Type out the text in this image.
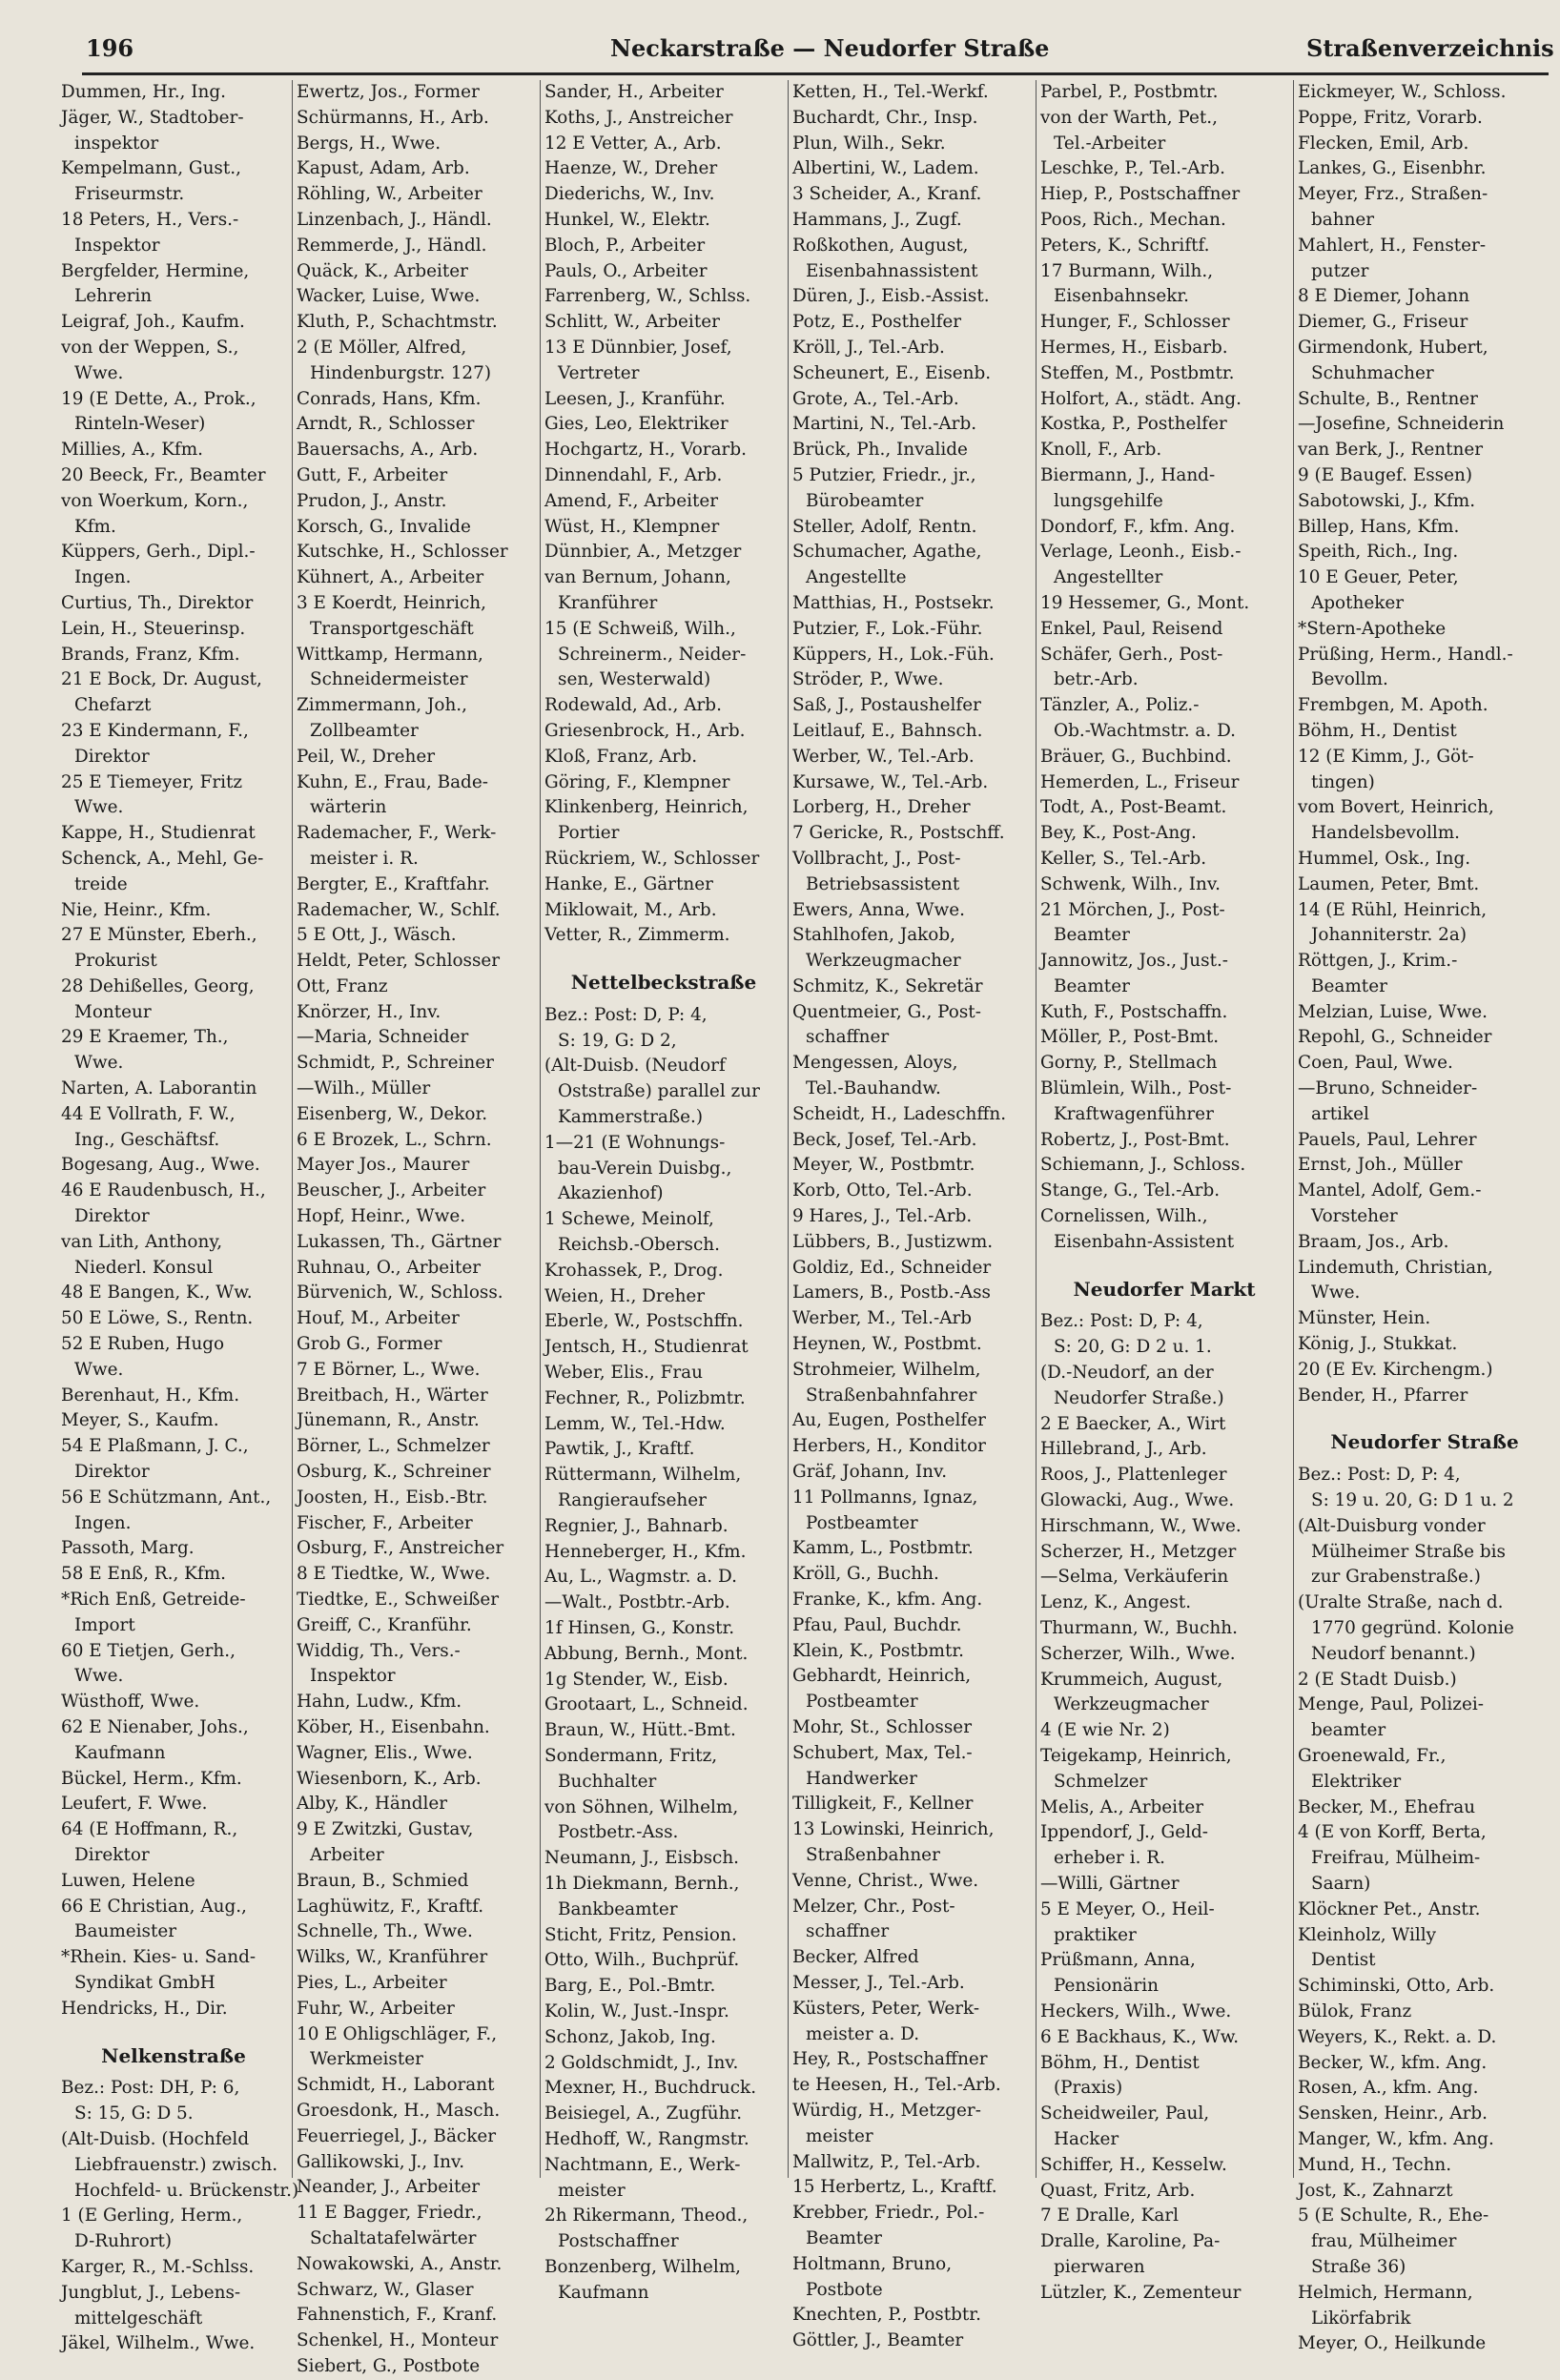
196	Neckarstraße — Neudorfer Straße	Straßenverzeichnis
Dummen, Hr., Ing.
Jäger, W., Stadtober-
inspektor
Kempelmann, Gust.,
Friseurmstr.
18 Peters, H., Vers.-
Inspektor
Bergfelder, Hermine,
Lehrerin
Leigraf, Joh., Kaufm.
von der Weppen, S.,
Wwe.
19 (E Dette, A., Prok.,
Rinteln-Weser)
Millies, A., Kfm.
20 Beeck, Fr., Beamter
von Woerkum, Korn.,
Kfm.
Küppers, Gerh., Dipl.-
Ingen.
Curtius, Th., Direktor
Lein, H., Steuerinsp.
Brands, Franz, Kfm.
21 E Bock, Dr. August,
Chefarzt
23 E Kindermann, F.,
Direktor
25 E Tiemeyer, Fritz
Wwe.
Kappe, H., Studienrat
Schenck, A., Mehl, Ge-
treide
Nie, Heinr., Kfm.
27 E Münster, Eberh.,
Prokurist
28 Dehißelles, Georg,
Monteur
29 E Kraemer, Th.,
Wwe.
Narten, A. Laborantin
44 E Vollrath, F. W.,
Ing., Geschäftsf.
Bogesang, Aug., Wwe.
46 E Raudenbusch, H.,
Direktor
van Lith, Anthony,
Niederl. Konsul
48 E Bangen, K., Ww.
50 E Löwe, S., Rentn.
52 E Ruben, Hugo
Wwe.
Berenhaut, H., Kfm.
Meyer, S., Kaufm.
54 E Plaßmann, J. C.,
Direktor
56 E Schützmann, Ant.,
Ingen.
Passoth, Marg.
58 E Enß, R., Kfm.
*Rich Enß, Getreide-
Import
60 E Tietjen, Gerh.,
Wwe.
Wüsthoff, Wwe.
62 E Nienaber, Johs.,
Kaufmann
Bückel, Herm., Kfm.
Leufert, F. Wwe.
64 (E Hoffmann, R.,
Direktor
Luwen, Helene
66 E Christian, Aug.,
Baumeister
*Rhein. Kies- u. Sand-
Syndikat GmbH
Hendricks, H., Dir.
Nelkenstraße
Bez.: Post: DH, P: 6,
S: 15, G: D 5.
(Alt-Duisb. (Hochfeld
Liebfrauenstr.) zwisch.
Hochfeld- u. Brückenstr.)
1 (E Gerling, Herm.,
D-Ruhrort)
Karger, R., M.-Schlss.
Jungblut, J., Lebens-
mittelgeschäft
Jäkel, Wilhelm., Wwe.
Ewertz, Jos., Former
Schürmanns, H., Arb.
Bergs, H., Wwe.
Kapust, Adam, Arb.
Röhling, W., Arbeiter
Linzenbach, J., Händl.
Remmerde, J., Händl.
Quäck, K., Arbeiter
Wacker, Luise, Wwe.
Kluth, P., Schachtmstr.
2 (E Möller, Alfred,
Hindenburgstr. 127)
Conrads, Hans, Kfm.
Arndt, R., Schlosser
Bauersachs, A., Arb.
Gutt, F., Arbeiter
Prudon, J., Anstr.
Korsch, G., Invalide
Kutschke, H., Schlosser
Kühnert, A., Arbeiter
3 E Koerdt, Heinrich,
Transportgeschäft
Wittkamp, Hermann,
Schneidermeister
Zimmermann, Joh.,
Zollbeamter
Peil, W., Dreher
Kuhn, E., Frau, Bade-
wärterin
Rademacher, F., Werk-
meister i. R.
Bergter, E., Kraftfahr.
Rademacher, W., Schlf.
5 E Ott, J., Wäsch.
Heldt, Peter, Schlosser
Ott, Franz
Knörzer, H., Inv.
—Maria, Schneider
Schmidt, P., Schreiner
—Wilh., Müller
Eisenberg, W., Dekor.
6 E Brozek, L., Schrn.
Mayer Jos., Maurer
Beuscher, J., Arbeiter
Hopf, Heinr., Wwe.
Lukassen, Th., Gärtner
Ruhnau, O., Arbeiter
Bürvenich, W., Schloss.
Houf, M., Arbeiter
Grob G., Former
7 E Börner, L., Wwe.
Breitbach, H., Wärter
Jünemann, R., Anstr.
Börner, L., Schmelzer
Osburg, K., Schreiner
Joosten, H., Eisb.-Btr.
Fischer, F., Arbeiter
Osburg, F., Anstreicher
8 E Tiedtke, W., Wwe.
Tiedtke, E., Schweißer
Greiff, C., Kranführ.
Widdig, Th., Vers.-
Inspektor
Hahn, Ludw., Kfm.
Köber, H., Eisenbahn.
Wagner, Elis., Wwe.
Wiesenborn, K., Arb.
Alby, K., Händler
9 E Zwitzki, Gustav,
Arbeiter
Braun, B., Schmied
Laghüwitz, F., Kraftf.
Schnelle, Th., Wwe.
Wilks, W., Kranführer
Pies, L., Arbeiter
Fuhr, W., Arbeiter
10 E Ohligschläger, F.,
Werkmeister
Schmidt, H., Laborant
Groesdonk, H., Masch.
Feuerriegel, J., Bäcker
Gallikowski, J., Inv.
Neander, J., Arbeiter
11 E Bagger, Friedr.,
Schaltatafelwärter
Nowakowski, A., Anstr.
Schwarz, W., Glaser
Fahnenstich, F., Kranf.
Schenkel, H., Monteur
Siebert, G., Postbote
Sander, H., Arbeiter
Koths, J., Anstreicher
12 E Vetter, A., Arb.
Haenze, W., Dreher
Diederichs, W., Inv.
Hunkel, W., Elektr.
Bloch, P., Arbeiter
Pauls, O., Arbeiter
Farrenberg, W., Schlss.
Schlitt, W., Arbeiter
13 E Dünnbier, Josef,
Vertreter
Leesen, J., Kranführ.
Gies, Leo, Elektriker
Hochgartz, H., Vorarb.
Dinnendahl, F., Arb.
Amend, F., Arbeiter
Wüst, H., Klempner
Dünnbier, A., Metzger
van Bernum, Johann,
Kranführer
15 (E Schweiß, Wilh.,
Schreinerm., Neider-
sen, Westerwald)
Rodewald, Ad., Arb.
Griesenbrock, H., Arb.
Kloß, Franz, Arb.
Göring, F., Klempner
Klinkenberg, Heinrich,
Portier
Rückriem, W., Schlosser
Hanke, E., Gärtner
Miklowait, M., Arb.
Vetter, R., Zimmerm.
Nettelbeckstraße
Bez.: Post: D, P: 4,
S: 19, G: D 2,
(Alt-Duisb. (Neudorf
Oststraße) parallel zur
Kammerstraße.)
1—21 (E Wohnungs-
bau-Verein Duisbg.,
Akazienhof)
1 Schewe, Meinolf,
Reichsb.-Obersch.
Krohassek, P., Drog.
Weien, H., Dreher
Eberle, W., Postschffn.
Jentsch, H., Studienrat
Weber, Elis., Frau
Fechner, R., Polizbmtr.
Lemm, W., Tel.-Hdw.
Pawtik, J., Kraftf.
Rüttermann, Wilhelm,
Rangieraufseher
Regnier, J., Bahnarb.
Henneberger, H., Kfm.
Au, L., Wagmstr. a. D.
—Walt., Postbtr.-Arb.
1f Hinsen, G., Konstr.
Abbung, Bernh., Mont.
1g Stender, W., Eisb.
Grootaart, L., Schneid.
Braun, W., Hütt.-Bmt.
Sondermann, Fritz,
Buchhalter
von Söhnen, Wilhelm,
Postbetr.-Ass.
Neumann, J., Eisbsch.
1h Diekmann, Bernh.,
Bankbeamter
Sticht, Fritz, Pension.
Otto, Wilh., Buchprüf.
Barg, E., Pol.-Bmtr.
Kolin, W., Just.-Inspr.
Schonz, Jakob, Ing.
2 Goldschmidt, J., Inv.
Mexner, H., Buchdruck.
Beisiegel, A., Zugführ.
Hedhoff, W., Rangmstr.
Nachtmann, E., Werk-
meister
2h Rikermann, Theod.,
Postschaffner
Bonzenberg, Wilhelm,
Kaufmann
Ketten, H., Tel.-Werkf.
Buchardt, Chr., Insp.
Plun, Wilh., Sekr.
Albertini, W., Ladem.
3 Scheider, A., Kranf.
Hammans, J., Zugf.
Roßkothen, August,
Eisenbahnassistent
Düren, J., Eisb.-Assist.
Potz, E., Posthelfer
Kröll, J., Tel.-Arb.
Scheunert, E., Eisenb.
Grote, A., Tel.-Arb.
Martini, N., Tel.-Arb.
Brück, Ph., Invalide
5 Putzier, Friedr., jr.,
Bürobeamter
Steller, Adolf, Rentn.
Schumacher, Agathe,
Angestellte
Matthias, H., Postsekr.
Putzier, F., Lok.-Führ.
Küppers, H., Lok.-Füh.
Ströder, P., Wwe.
Saß, J., Postaushelfer
Leitlauf, E., Bahnsch.
Werber, W., Tel.-Arb.
Kursawe, W., Tel.-Arb.
Lorberg, H., Dreher
7 Gericke, R., Postschff.
Vollbracht, J., Post-
Betriebsassistent
Ewers, Anna, Wwe.
Stahlhofen, Jakob,
Werkzeugmacher
Schmitz, K., Sekretär
Quentmeier, G., Post-
schaffner
Mengessen, Aloys,
Tel.-Bauhandw.
Scheidt, H., Ladeschffn.
Beck, Josef, Tel.-Arb.
Meyer, W., Postbmtr.
Korb, Otto, Tel.-Arb.
9 Hares, J., Tel.-Arb.
Lübbers, B., Justizwm.
Goldiz, Ed., Schneider
Lamers, B., Postb.-Ass
Werber, M., Tel.-Arb
Heynen, W., Postbmt.
Strohmeier, Wilhelm,
Straßenbahnfahrer
Au, Eugen, Posthelfer
Herbers, H., Konditor
Gräf, Johann, Inv.
11 Pollmanns, Ignaz,
Postbeamter
Kamm, L., Postbmtr.
Kröll, G., Buchh.
Franke, K., kfm. Ang.
Pfau, Paul, Buchdr.
Klein, K., Postbmtr.
Gebhardt, Heinrich,
Postbeamter
Mohr, St., Schlosser
Schubert, Max, Tel.-
Handwerker
Tilligkeit, F., Kellner
13 Lowinski, Heinrich,
Straßenbahner
Venne, Christ., Wwe.
Melzer, Chr., Post-
schaffner
Becker, Alfred
Messer, J., Tel.-Arb.
Küsters, Peter, Werk-
meister a. D.
Hey, R., Postschaffner
te Heesen, H., Tel.-Arb.
Würdig, H., Metzger-
meister
Mallwitz, P., Tel.-Arb.
15 Herbertz, L., Kraftf.
Krebber, Friedr., Pol.-
Beamter
Holtmann, Bruno,
Postbote
Knechten, P., Postbtr.
Göttler, J., Beamter
Parbel, P., Postbmtr.
von der Warth, Pet.,
Tel.-Arbeiter
Leschke, P., Tel.-Arb.
Hiep, P., Postschaffner
Poos, Rich., Mechan.
Peters, K., Schriftf.
17 Burmann, Wilh.,
Eisenbahnsekr.
Hunger, F., Schlosser
Hermes, H., Eisbarb.
Steffen, M., Postbmtr.
Holfort, A., städt. Ang.
Kostka, P., Posthelfer
Knoll, F., Arb.
Biermann, J., Hand-
lungsgehilfe
Dondorf, F., kfm. Ang.
Verlage, Leonh., Eisb.-
Angestellter
19 Hessemer, G., Mont.
Enkel, Paul, Reisend
Schäfer, Gerh., Post-
betr.-Arb.
Tänzler, A., Poliz.-
Ob.-Wachtmstr. a. D.
Bräuer, G., Buchbind.
Hemerden, L., Friseur
Todt, A., Post-Beamt.
Bey, K., Post-Ang.
Keller, S., Tel.-Arb.
Schwenk, Wilh., Inv.
21 Mörchen, J., Post-
Beamter
Jannowitz, Jos., Just.-
Beamter
Kuth, F., Postschaffn.
Möller, P., Post-Bmt.
Gorny, P., Stellmach
Blümlein, Wilh., Post-
Kraftwagenführer
Robertz, J., Post-Bmt.
Schiemann, J., Schloss.
Stange, G., Tel.-Arb.
Cornelissen, Wilh.,
Eisenbahn-Assistent
Neudorfer Markt
Bez.: Post: D, P: 4,
S: 20, G: D 2 u. 1.
(D.-Neudorf, an der
Neudorfer Straße.)
2 E Baecker, A., Wirt
Hillebrand, J., Arb.
Roos, J., Plattenleger
Glowacki, Aug., Wwe.
Hirschmann, W., Wwe.
Scherzer, H., Metzger
—Selma, Verkäuferin
Lenz, K., Angest.
Thurmann, W., Buchh.
Scherzer, Wilh., Wwe.
Krummeich, August,
Werkzeugmacher
4 (E wie Nr. 2)
Teigekamp, Heinrich,
Schmelzer
Melis, A., Arbeiter
Ippendorf, J., Geld-
erheber i. R.
—Willi, Gärtner
5 E Meyer, O., Heil-
praktiker
Prüßmann, Anna,
Pensionärin
Heckers, Wilh., Wwe.
6 E Backhaus, K., Ww.
Böhm, H., Dentist
(Praxis)
Scheidweiler, Paul,
Hacker
Schiffer, H., Kesselw.
Quast, Fritz, Arb.
7 E Dralle, Karl
Dralle, Karoline, Pa-
pierwaren
Lützler, K., Zementeur
Eickmeyer, W., Schloss.
Poppe, Fritz, Vorarb.
Flecken, Emil, Arb.
Lankes, G., Eisenbhr.
Meyer, Frz., Straßen-
bahner
Mahlert, H., Fenster-
putzer
8 E Diemer, Johann
Diemer, G., Friseur
Girmendonk, Hubert,
Schuhmacher
Schulte, B., Rentner
—Josefine, Schneiderin
van Berk, J., Rentner
9 (E Baugef. Essen)
Sabotowski, J., Kfm.
Billep, Hans, Kfm.
Speith, Rich., Ing.
10 E Geuer, Peter,
Apotheker
*Stern-Apotheke
Prüßing, Herm., Handl.-
Bevollm.
Frembgen, M. Apoth.
Böhm, H., Dentist
12 (E Kimm, J., Göt-
tingen)
vom Bovert, Heinrich,
Handelsbevollm.
Hummel, Osk., Ing.
Laumen, Peter, Bmt.
14 (E Rühl, Heinrich,
Johanniterstr. 2a)
Röttgen, J., Krim.-
Beamter
Melzian, Luise, Wwe.
Repohl, G., Schneider
Coen, Paul, Wwe.
—Bruno, Schneider-
artikel
Pauels, Paul, Lehrer
Ernst, Joh., Müller
Mantel, Adolf, Gem.-
Vorsteher
Braam, Jos., Arb.
Lindemuth, Christian,
Wwe.
Münster, Hein.
König, J., Stukkat.
20 (E Ev. Kirchengm.)
Bender, H., Pfarrer
Neudorfer Straße
Bez.: Post: D, P: 4,
S: 19 u. 20, G: D 1 u. 2
(Alt-Duisburg vonder
Mülheimer Straße bis
zur Grabenstraße.)
(Uralte Straße, nach d.
1770 gegründ. Kolonie
Neudorf benannt.)
2 (E Stadt Duisb.)
Menge, Paul, Polizei-
beamter
Groenewald, Fr.,
Elektriker
Becker, M., Ehefrau
4 (E von Korff, Berta,
Freifrau, Mülheim-
Saarn)
Klöckner Pet., Anstr.
Kleinholz, Willy
Dentist
Schiminski, Otto, Arb.
Bülok, Franz
Weyers, K., Rekt. a. D.
Becker, W., kfm. Ang.
Rosen, A., kfm. Ang.
Sensken, Heinr., Arb.
Manger, W., kfm. Ang.
Mund, H., Techn.
Jost, K., Zahnarzt
5 (E Schulte, R., Ehe-
frau, Mülheimer
Straße 36)
Helmich, Hermann,
Likörfabrik
Meyer, O., Heilkunde
